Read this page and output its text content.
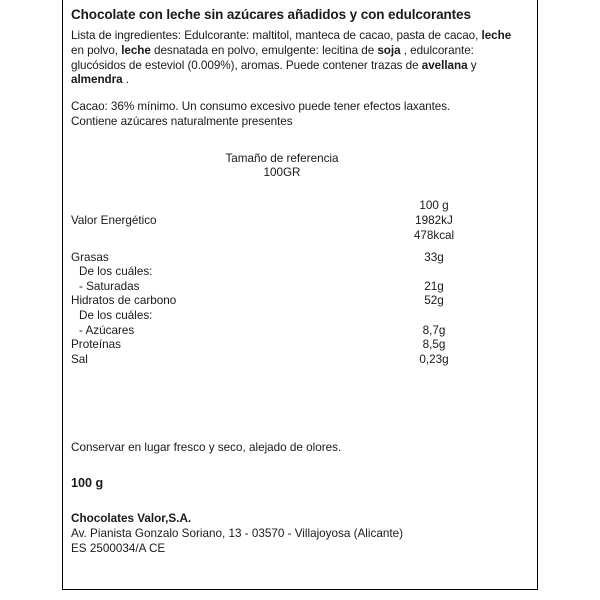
Chocolate con leche sin azúcares añadidos y con edulcorantes

Lista de ingredientes: Edulcorante: maltitol, manteca de cacao, pasta de cacao, leche en polvo, leche desnatada en polvo, emulgente: lecitina de soja , edulcorante: glucósidos de esteviol (0.009%), aromas. Puede contener trazas de avellana y almendra .

Cacao: 36% mínimo. Un consumo excesivo puede tener efectos laxantes.

Contiene azúcares naturalmente presentes

Tamaño de referencia
100GR
	100 g
Valor Energético	1982kJ
	478kcal

Grasas	33g
De los cuáles:	
- Saturadas	21g
Hidratos de carbono	52g
De los cuáles:	
- Azúcares	8,7g
Proteínas	8,5g
Sal	0,23g
Conservar en lugar fresco y seco, alejado de olores.
100 g
Chocolates Valor,S.A.
Av. Pianista Gonzalo Soriano, 13 - 03570 - Villajoyosa (Alicante)
ES 2500034/A CE
